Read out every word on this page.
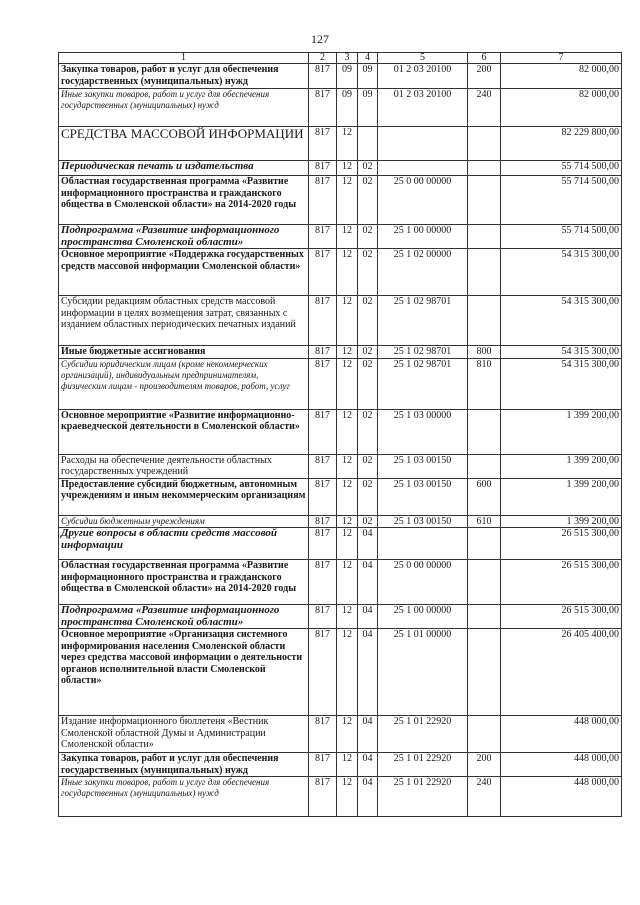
127
1	2	3	4	5	6	7
Закупка товаров, работ и услуг для обеспечения государственных (муниципальных) нужд	817	09	09	01 2 03 20100	200	82 000,00
Иные закупки товаров, работ и услуг для обеспечения государственных (муниципальных) нужд	817	09	09	01 2 03 20100	240	82 000,00
СРЕДСТВА МАССОВОЙ ИНФОРМАЦИИ	817	12				82 229 800,00
Периодическая печать и издательства	817	12	02			55 714 500,00
Областная государственная программа «Развитие информационного пространства и гражданского общества в Смоленской области» на 2014-2020 годы	817	12	02	25 0 00 00000		55 714 500,00
Подпрограмма «Развитие информационного пространства Смоленской области»	817	12	02	25 1 00 00000		55 714 500,00
Основное мероприятие «Поддержка государственных средств массовой информации Смоленской области»	817	12	02	25 1 02 00000		54 315 300,00
Субсидии редакциям областных средств массовой информации в целях возмещения затрат, связанных с изданием областных периодических печатных изданий	817	12	02	25 1 02 98701		54 315 300,00
Иные бюджетные ассигнования	817	12	02	25 1 02 98701	800	54 315 300,00
Субсидии юридическим лицам (кроме некоммерческих организаций), индивидуальным предпринимателям, физическим лицам - производителям товаров, работ, услуг	817	12	02	25 1 02 98701	810	54 315 300,00
Основное мероприятие «Развитие информационно-краеведческой деятельности в Смоленской области»	817	12	02	25 1 03 00000		1 399 200,00
Расходы на обеспечение деятельности областных государственных учреждений	817	12	02	25 1 03 00150		1 399 200,00
Предоставление субсидий бюджетным, автономным учреждениям и иным некоммерческим организациям	817	12	02	25 1 03 00150	600	1 399 200,00
Субсидии бюджетным учреждениям	817	12	02	25 1 03 00150	610	1 399 200,00
Другие вопросы в области средств массовой информации	817	12	04			26 515 300,00
Областная государственная программа «Развитие информационного пространства и гражданского общества в Смоленской области» на 2014-2020 годы	817	12	04	25 0 00 00000		26 515 300,00
Подпрограмма «Развитие информационного пространства Смоленской области»	817	12	04	25 1 00 00000		26 515 300,00
Основное мероприятие «Организация системного информирования населения Смоленской области через средства массовой информации о деятельности органов исполнительной власти Смоленской области»	817	12	04	25 1 01 00000		26 405 400,00
Издание информационного бюллетеня «Вестник Смоленской областной Думы и Администрации Смоленской области»	817	12	04	25 1 01 22920		448 000,00
Закупка товаров, работ и услуг для обеспечения государственных (муниципальных) нужд	817	12	04	25 1 01 22920	200	448 000,00
Иные закупки товаров, работ и услуг для обеспечения государственных (муниципальных) нужд	817	12	04	25 1 01 22920	240	448 000,00
